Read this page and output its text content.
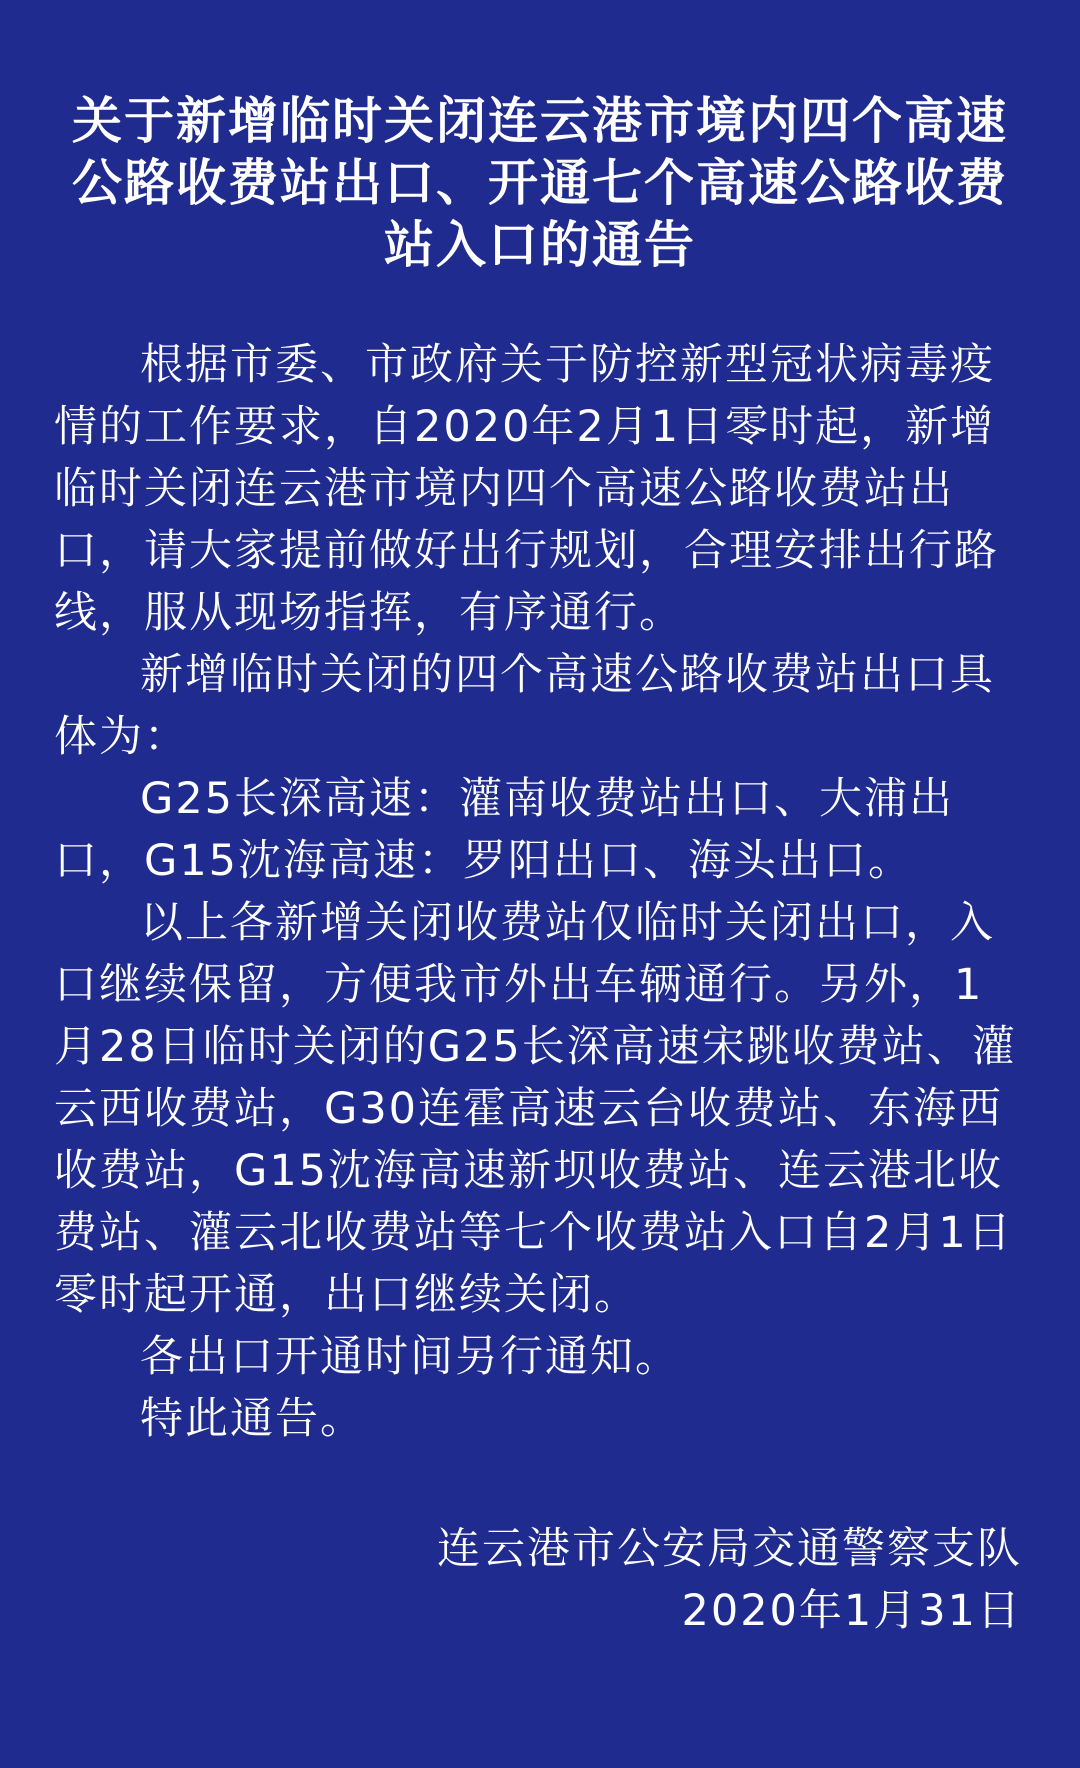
关于新增临时关闭连云港市境内四个高速
公路收费站出口、开通七个高速公路收费
站入口的通告

根据市委、市政府关于防控新型冠状病毒疫情的工作要求，自2020年2月1日零时起，新增临时关闭连云港市境内四个高速公路收费站出口，请大家提前做好出行规划，合理安排出行路线，服从现场指挥，有序通行。

新增临时关闭的四个高速公路收费站出口具体为：

G25长深高速：灌南收费站出口、大浦出口，G15沈海高速：罗阳出口、海头出口。

以上各新增关闭收费站仅临时关闭出口，入口继续保留，方便我市外出车辆通行。另外，1月28日临时关闭的G25长深高速宋跳收费站、灌云西收费站，G30连霍高速云台收费站、东海西收费站，G15沈海高速新坝收费站、连云港北收费站、灌云北收费站等七个收费站入口自2月1日零时起开通，出口继续关闭。

各出口开通时间另行通知。

特此通告。

连云港市公安局交通警察支队
2020年1月31日
